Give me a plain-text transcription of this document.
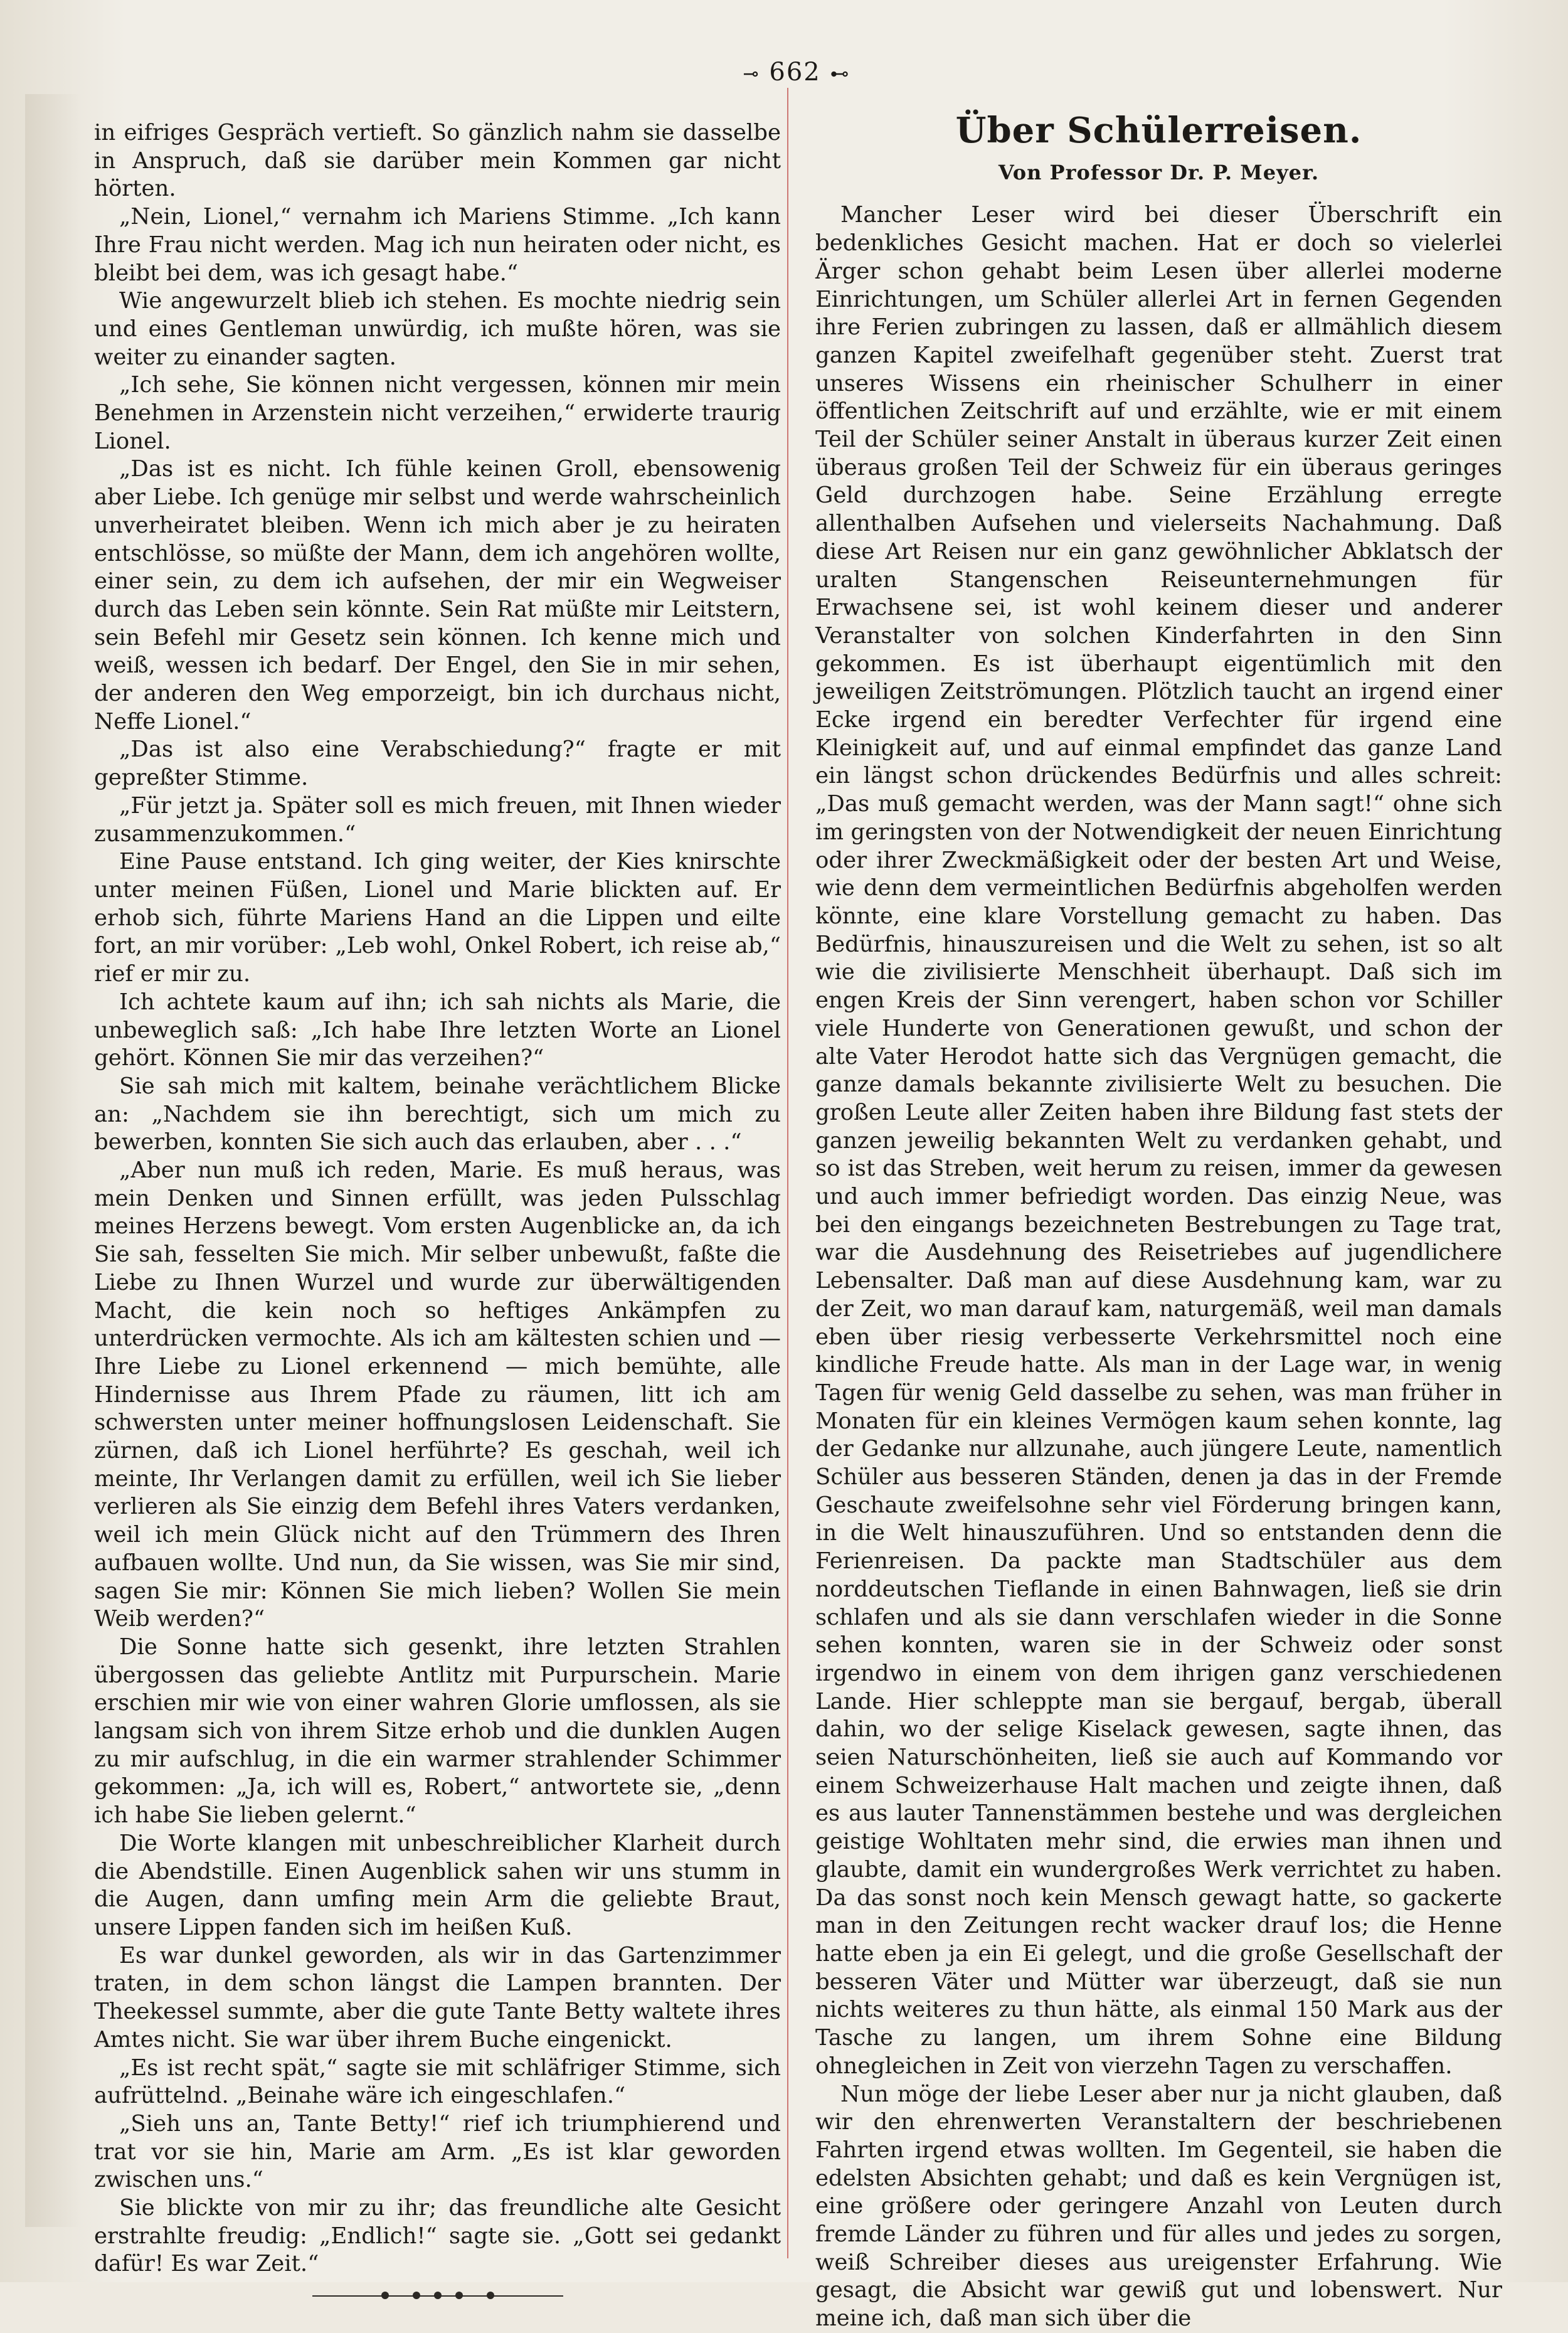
⊸ 662 ⊷

in eifriges Gespräch vertieft. So gänzlich nahm sie dasselbe in Anspruch, daß sie darüber mein Kommen gar nicht hörten.

„Nein, Lionel,“ vernahm ich Mariens Stimme. „Ich kann Ihre Frau nicht werden. Mag ich nun heiraten oder nicht, es bleibt bei dem, was ich gesagt habe.“

Wie angewurzelt blieb ich stehen. Es mochte niedrig sein und eines Gentleman unwürdig, ich mußte hören, was sie weiter zu einander sagten.

„Ich sehe, Sie können nicht vergessen, können mir mein Benehmen in Arzenstein nicht verzeihen,“ erwiderte traurig Lionel.

„Das ist es nicht. Ich fühle keinen Groll, ebensowenig aber Liebe. Ich genüge mir selbst und werde wahrscheinlich unverheiratet bleiben. Wenn ich mich aber je zu heiraten entschlösse, so müßte der Mann, dem ich angehören wollte, einer sein, zu dem ich aufsehen, der mir ein Wegweiser durch das Leben sein könnte. Sein Rat müßte mir Leitstern, sein Befehl mir Gesetz sein können. Ich kenne mich und weiß, wessen ich bedarf. Der Engel, den Sie in mir sehen, der anderen den Weg emporzeigt, bin ich durchaus nicht, Neffe Lionel.“

„Das ist also eine Verabschiedung?“ fragte er mit gepreßter Stimme.

„Für jetzt ja. Später soll es mich freuen, mit Ihnen wieder zusammenzukommen.“

Eine Pause entstand. Ich ging weiter, der Kies knirschte unter meinen Füßen, Lionel und Marie blickten auf. Er erhob sich, führte Mariens Hand an die Lippen und eilte fort, an mir vorüber: „Leb wohl, Onkel Robert, ich reise ab,“ rief er mir zu.

Ich achtete kaum auf ihn; ich sah nichts als Marie, die unbeweglich saß: „Ich habe Ihre letzten Worte an Lionel gehört. Können Sie mir das verzeihen?“

Sie sah mich mit kaltem, beinahe verächtlichem Blicke an: „Nachdem sie ihn berechtigt, sich um mich zu bewerben, konnten Sie sich auch das erlauben, aber . . .“

„Aber nun muß ich reden, Marie. Es muß heraus, was mein Denken und Sinnen erfüllt, was jeden Pulsschlag meines Herzens bewegt. Vom ersten Augenblicke an, da ich Sie sah, fesselten Sie mich. Mir selber unbewußt, faßte die Liebe zu Ihnen Wurzel und wurde zur überwältigenden Macht, die kein noch so heftiges Ankämpfen zu unterdrücken vermochte. Als ich am kältesten schien und — Ihre Liebe zu Lionel erkennend — mich bemühte, alle Hindernisse aus Ihrem Pfade zu räumen, litt ich am schwersten unter meiner hoffnungslosen Leidenschaft. Sie zürnen, daß ich Lionel herführte? Es geschah, weil ich meinte, Ihr Verlangen damit zu erfüllen, weil ich Sie lieber verlieren als Sie einzig dem Befehl ihres Vaters verdanken, weil ich mein Glück nicht auf den Trümmern des Ihren aufbauen wollte. Und nun, da Sie wissen, was Sie mir sind, sagen Sie mir: Können Sie mich lieben? Wollen Sie mein Weib werden?“

Die Sonne hatte sich gesenkt, ihre letzten Strahlen übergossen das geliebte Antlitz mit Purpurschein. Marie erschien mir wie von einer wahren Glorie umflossen, als sie langsam sich von ihrem Sitze erhob und die dunklen Augen zu mir aufschlug, in die ein warmer strahlender Schimmer gekommen: „Ja, ich will es, Robert,“ antwortete sie, „denn ich habe Sie lieben gelernt.“

Die Worte klangen mit unbeschreiblicher Klarheit durch die Abendstille. Einen Augenblick sahen wir uns stumm in die Augen, dann umfing mein Arm die geliebte Braut, unsere Lippen fanden sich im heißen Kuß.

Es war dunkel geworden, als wir in das Gartenzimmer traten, in dem schon längst die Lampen brannten. Der Theekessel summte, aber die gute Tante Betty waltete ihres Amtes nicht. Sie war über ihrem Buche eingenickt.

„Es ist recht spät,“ sagte sie mit schläfriger Stimme, sich aufrüttelnd. „Beinahe wäre ich eingeschlafen.“

„Sieh uns an, Tante Betty!“ rief ich triumphierend und trat vor sie hin, Marie am Arm. „Es ist klar geworden zwischen uns.“

Sie blickte von mir zu ihr; das freundliche alte Gesicht erstrahlte freudig: „Endlich!“ sagte sie. „Gott sei gedankt dafür! Es war Zeit.“

Über Schülerreisen.
Von Professor Dr. P. Meyer.

Mancher Leser wird bei dieser Überschrift ein bedenkliches Gesicht machen. Hat er doch so vielerlei Ärger schon gehabt beim Lesen über allerlei moderne Einrichtungen, um Schüler allerlei Art in fernen Gegenden ihre Ferien zubringen zu lassen, daß er allmählich diesem ganzen Kapitel zweifelhaft gegenüber steht. Zuerst trat unseres Wissens ein rheinischer Schulherr in einer öffentlichen Zeitschrift auf und erzählte, wie er mit einem Teil der Schüler seiner Anstalt in überaus kurzer Zeit einen überaus großen Teil der Schweiz für ein überaus geringes Geld durchzogen habe. Seine Erzählung erregte allenthalben Aufsehen und vielerseits Nachahmung. Daß diese Art Reisen nur ein ganz gewöhnlicher Abklatsch der uralten Stangenschen Reiseunternehmungen für Erwachsene sei, ist wohl keinem dieser und anderer Veranstalter von solchen Kinderfahrten in den Sinn gekommen. Es ist überhaupt eigentümlich mit den jeweiligen Zeitströmungen. Plötzlich taucht an irgend einer Ecke irgend ein beredter Verfechter für irgend eine Kleinigkeit auf, und auf einmal empfindet das ganze Land ein längst schon drückendes Bedürfnis und alles schreit: „Das muß gemacht werden, was der Mann sagt!“ ohne sich im geringsten von der Notwendigkeit der neuen Einrichtung oder ihrer Zweckmäßigkeit oder der besten Art und Weise, wie denn dem vermeintlichen Bedürfnis abgeholfen werden könnte, eine klare Vorstellung gemacht zu haben. Das Bedürfnis, hinauszureisen und die Welt zu sehen, ist so alt wie die zivilisierte Menschheit überhaupt. Daß sich im engen Kreis der Sinn verengert, haben schon vor Schiller viele Hunderte von Generationen gewußt, und schon der alte Vater Herodot hatte sich das Vergnügen gemacht, die ganze damals bekannte zivilisierte Welt zu besuchen. Die großen Leute aller Zeiten haben ihre Bildung fast stets der ganzen jeweilig bekannten Welt zu verdanken gehabt, und so ist das Streben, weit herum zu reisen, immer da gewesen und auch immer befriedigt worden. Das einzig Neue, was bei den eingangs bezeichneten Bestrebungen zu Tage trat, war die Ausdehnung des Reisetriebes auf jugendlichere Lebensalter. Daß man auf diese Ausdehnung kam, war zu der Zeit, wo man darauf kam, naturgemäß, weil man damals eben über riesig verbesserte Verkehrsmittel noch eine kindliche Freude hatte. Als man in der Lage war, in wenig Tagen für wenig Geld dasselbe zu sehen, was man früher in Monaten für ein kleines Vermögen kaum sehen konnte, lag der Gedanke nur allzunahe, auch jüngere Leute, namentlich Schüler aus besseren Ständen, denen ja das in der Fremde Geschaute zweifelsohne sehr viel Förderung bringen kann, in die Welt hinauszuführen. Und so entstanden denn die Ferienreisen. Da packte man Stadtschüler aus dem norddeutschen Tieflande in einen Bahnwagen, ließ sie drin schlafen und als sie dann verschlafen wieder in die Sonne sehen konnten, waren sie in der Schweiz oder sonst irgendwo in einem von dem ihrigen ganz verschiedenen Lande. Hier schleppte man sie bergauf, bergab, überall dahin, wo der selige Kiselack gewesen, sagte ihnen, das seien Naturschönheiten, ließ sie auch auf Kommando vor einem Schweizerhause Halt machen und zeigte ihnen, daß es aus lauter Tannenstämmen bestehe und was dergleichen geistige Wohltaten mehr sind, die erwies man ihnen und glaubte, damit ein wundergroßes Werk verrichtet zu haben. Da das sonst noch kein Mensch gewagt hatte, so gackerte man in den Zeitungen recht wacker drauf los; die Henne hatte eben ja ein Ei gelegt, und die große Gesellschaft der besseren Väter und Mütter war überzeugt, daß sie nun nichts weiteres zu thun hätte, als einmal 150 Mark aus der Tasche zu langen, um ihrem Sohne eine Bildung ohnegleichen in Zeit von vierzehn Tagen zu verschaffen.

Nun möge der liebe Leser aber nur ja nicht glauben, daß wir den ehrenwerten Veranstaltern der beschriebenen Fahrten irgend etwas wollten. Im Gegenteil, sie haben die edelsten Absichten gehabt; und daß es kein Vergnügen ist, eine größere oder geringere Anzahl von Leuten durch fremde Länder zu führen und für alles und jedes zu sorgen, weiß Schreiber dieses aus ureigenster Erfahrung. Wie gesagt, die Absicht war gewiß gut und lobenswert. Nur meine ich, daß man sich über die
